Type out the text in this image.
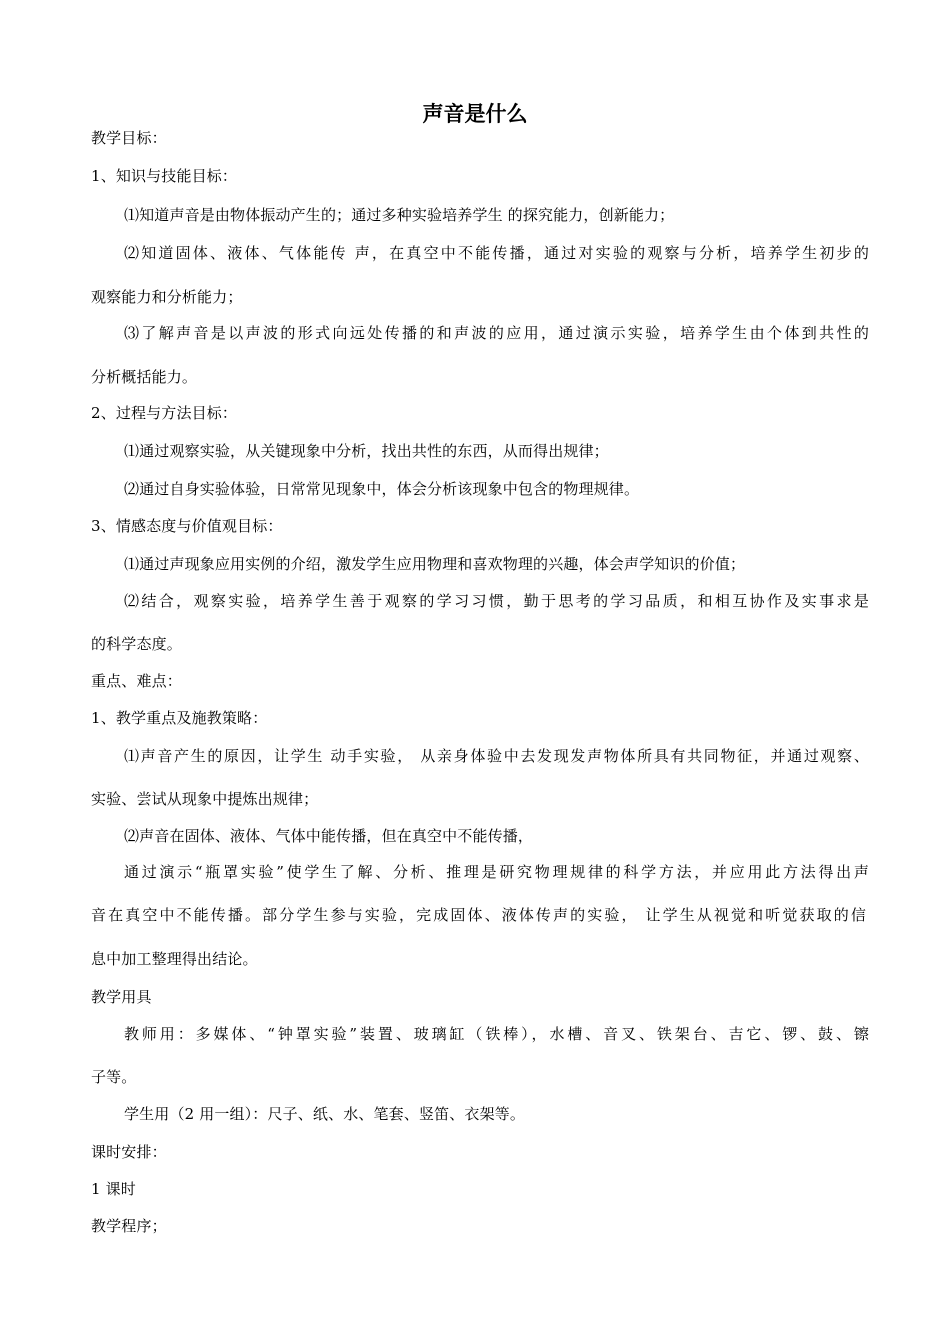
声音是什么
教学目标：
1、知识与技能目标：
⑴知道声音是由物体振动产生的；通过多种实验培养学生 的探究能力，创新能力；
⑵知道固体、液体、气体能传 声，在真空中不能传播，通过对实验的观察与分析，培养学生初步的
观察能力和分析能力；
⑶了解声音是以声波的形式向远处传播的和声波的应用，通过演示实验，培养学生由个体到共性的
分析概括能力。
2、过程与方法目标：
⑴通过观察实验，从关键现象中分析，找出共性的东西，从而得出规律；
⑵通过自身实验体验，日常常见现象中，体会分析该现象中包含的物理规律。
3、情感态度与价值观目标：
⑴通过声现象应用实例的介绍，激发学生应用物理和喜欢物理的兴趣，体会声学知识的价值；
⑵结合，观察实验，培养学生善于观察的学习习惯，勤于思考的学习品质，和相互协作及实事求是
的科学态度。
重点、难点：
1、教学重点及施教策略：
⑴声音产生的原因，让学生 动手实验， 从亲身体验中去发现发声物体所具有共同物征，并通过观察、
实验、尝试从现象中提炼出规律；
⑵声音在固体、液体、气体中能传播，但在真空中不能传播，
通过演示“瓶罩实验”使学生了解、分析、推理是研究物理规律的科学方法，并应用此方法得出声
音在真空中不能传播。部分学生参与实验，完成固体、液体传声的实验， 让学生从视觉和听觉获取的信
息中加工整理得出结论。
教学用具
教师用：多媒体、“钟罩实验”装置、玻璃缸（铁棒），水槽、音叉、铁架台、吉它、锣、鼓、镲
子等。
学生用（2 用一组）：尺子、纸、水、笔套、竖笛、衣架等。
课时安排：
1 课时
教学程序；
